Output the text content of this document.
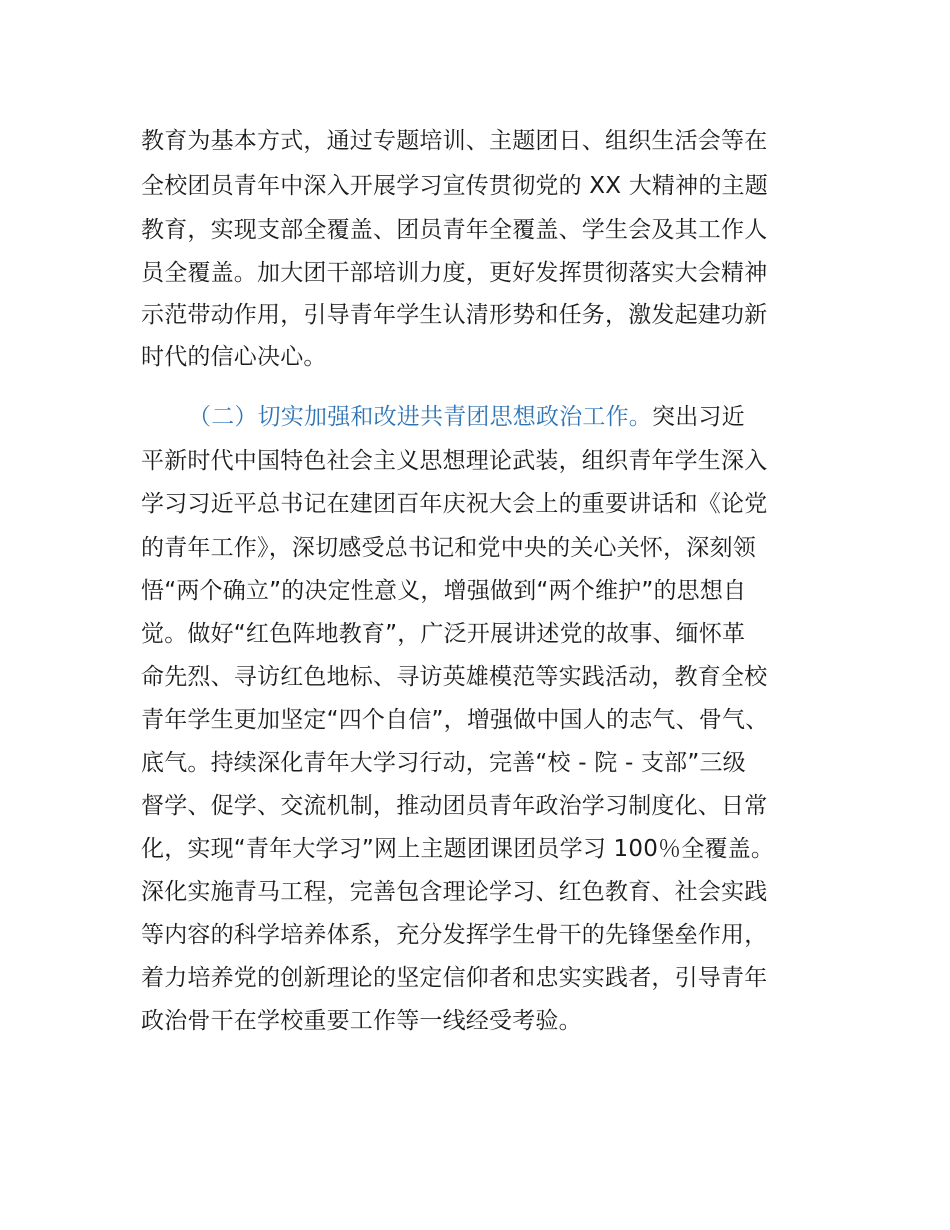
教育为基本方式，通过专题培训、主题团日、组织生活会等在
全校团员青年中深入开展学习宣传贯彻党的 XX 大精神的主题
教育，实现支部全覆盖、团员青年全覆盖、学生会及其工作人
员全覆盖。加大团干部培训力度，更好发挥贯彻落实大会精神
示范带动作用，引导青年学生认清形势和任务，激发起建功新
时代的信心决心。
（二）切实加强和改进共青团思想政治工作。突出习近
平新时代中国特色社会主义思想理论武装，组织青年学生深入
学习习近平总书记在建团百年庆祝大会上的重要讲话和《论党
的青年工作》，深切感受总书记和党中央的关心关怀，深刻领
悟“两个确立”的决定性意义，增强做到“两个维护”的思想自
觉。做好“红色阵地教育”，广泛开展讲述党的故事、缅怀革
命先烈、寻访红色地标、寻访英雄模范等实践活动，教育全校
青年学生更加坚定“四个自信”，增强做中国人的志气、骨气、
底气。持续深化青年大学习行动，完善“校 - 院 - 支部”三级
督学、促学、交流机制，推动团员青年政治学习制度化、日常
化，实现“青年大学习”网上主题团课团员学习 100％全覆盖。
深化实施青马工程，完善包含理论学习、红色教育、社会实践
等内容的科学培养体系，充分发挥学生骨干的先锋堡垒作用，
着力培养党的创新理论的坚定信仰者和忠实实践者，引导青年
政治骨干在学校重要工作等一线经受考验。
